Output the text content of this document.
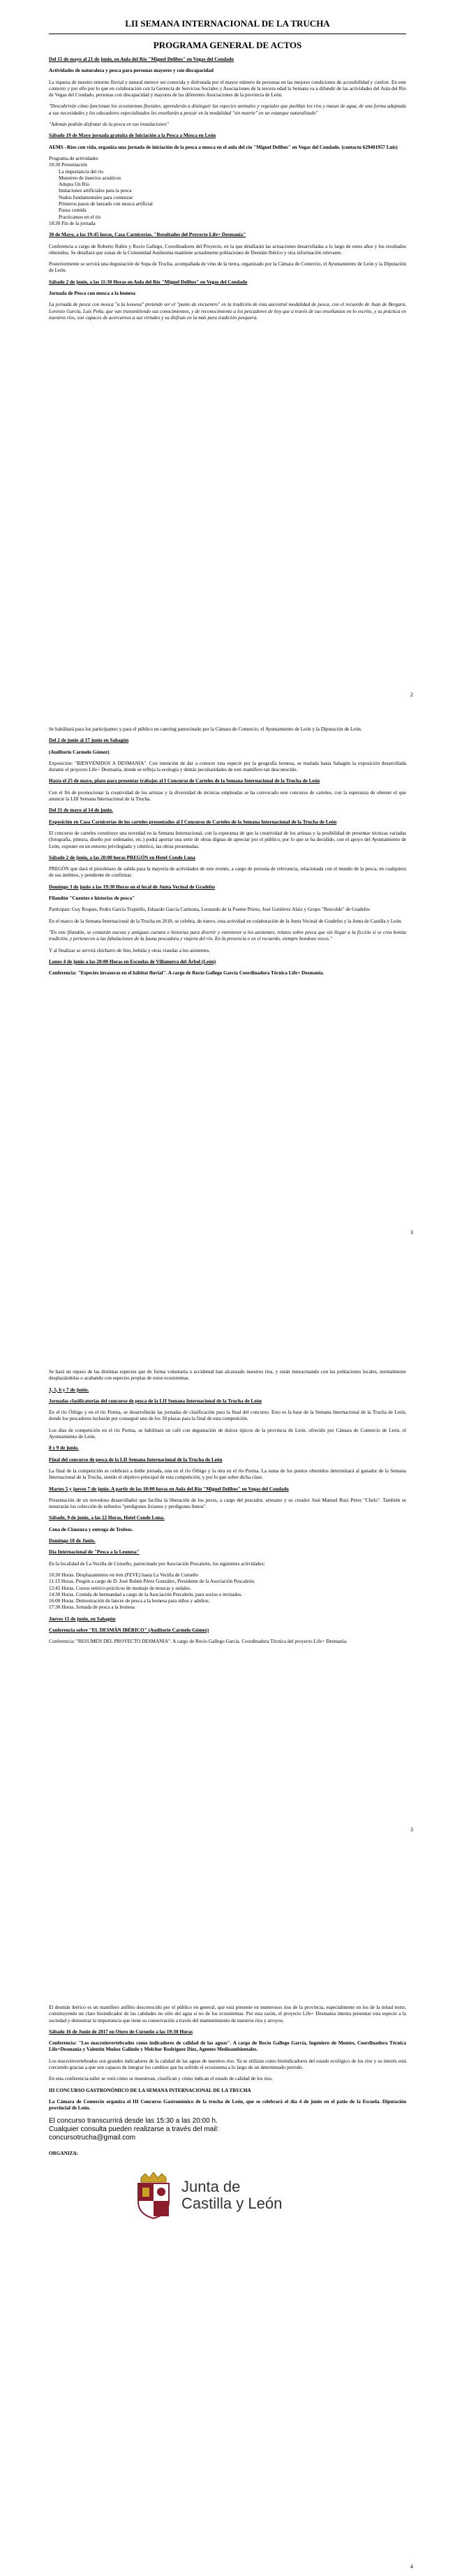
LII SEMANA INTERNACIONAL DE LA TRUCHA
PROGRAMA GENERAL DE ACTOS

Del 15 de mayo al 21 de junio, en Aula del Río "Miguel Delibes" en Vegas del Condado

Actividades de naturaleza y pesca para personas mayores y con discapacidad

La riqueza de nuestro entorno fluvial y natural merece ser conocida y disfrutada por el mayor número de personas en las mejores condiciones de accesibilidad y confort. En este contexto y por ello por lo que en colaboración con la Gerencia de Servicios Sociales y Asociaciones de la tercera edad la Semana va a difundir de las actividades del Aula del Río de Vegas del Condado, personas con discapacidad y mayores de las diferentes Asociaciones de la provincia de León.

"Descubrirán cómo funcionan los ecosistemas fluviales, aprenderán a distinguir las especies animales y vegetales que pueblan los ríos y masas de agua, de una forma adaptada a sus necesidades y los educadores especializados les enseñarán a pescar en la modalidad "sin muerte" en un estanque naturalizado"

"Además podrán disfrutar de la pesca en sus instalaciones"

Sábado 19 de Mayo jornada gratuita de Iniciación a la Pesca a Mosca en León

AEMS –Ríos con vida, organiza una jornada de iniciación de la pesca a mosca en el aula del río "Miguel Delibes" en Vegas del Condado. (contacto 629401957 Luis)

Programa de actividades

10:30 Presentación
La importancia del río
Muestreo de insectos acuáticos
Adopta Un Río
Imitaciones artificiales para la pesca
Nudos fundamentales para comenzar
Primeros pasos de lanzado con mosca artificial
Pausa comida
Practicamos en el río
18:30 Fin de la jornada

30 de Mayo, a las 19:45 horas, Casa Carnicerías. "Resultados del Proyecto Life+ Desmanía"

Conferencia a cargo de Roberto Rubio y Rocío Gallego, Coordinadores del Proyecto, en la que detallarán las actuaciones desarrolladas a lo largo de estos años y los resultados obtenidos. Se detallará que zonas de la Comunidad Autónoma mantiene actualmente poblaciones de Desmán Ibérico y otra información relevante.

Posteriormente se servirá una degustación de Sopa de Trucha, acompañada de vino de la tierra, organizado por la Cámara de Comercio, el Ayuntamiento de León y la Diputación de León.

Sábado 2 de junio, a las 11:30 Horas en Aula del Río "Miguel Delibes" en Vegas del Condado

Jornada de Pesca con mosca a la leonesa

La jornada de pesca con mosca "a la leonesa" pretende ser el "punto de encuentro" en la tradición de ésta ancestral modalidad de pesca, con el recuerdo de Juan de Bergara, Lorenzo García, Luis Peña, que van transmitiendo sus conocimientos, y de reconocimiento a los pescadores de hoy que a través de sus enseñanzas en lo escrito, y su práctica en nuestros ríos, son capaces de acercarnos a sus virtudes y su disfrute en la más pura tradición pesquera.

2

Se habilitará para los participantes y para el público un catering patrocinado por la Cámara de Comercio, el Ayuntamiento de León y la Diputación de León.

Del 2 de junio al 17 junio en Sahagún

(Auditorio Carmelo Gómez)

Exposición: "BIENVENIDOS A DESMANIA". Con intención de dar a conocer esta especie por la geografía leonesa, se traslada hasta Sahagún la exposición desarrollada durante el proyecto Life+ Desmanía, donde se refleja la ecología y demás peculiaridades de este mamífero tan desconocido.

Hasta el 25 de mayo, plazo para presentar trabajos al I Concurso de Carteles de la Semana Internacional de la Trucha de León

Con el fin de promocionar la creatividad de los artistas y la diversidad de técnicas empleadas se ha convocado este concurso de carteles, con la esperanza de obtener el que anuncie la LIII Semana Internacional de la Trucha.

Del 31 de mayo al 14 de junio.

Exposición en Casa Carnicerías de los carteles presentados al I Concurso de Carteles de la Semana Internacional de la Trucha de León

El concurso de carteles constituye una novedad en la Semana Internacional, con la esperanza de que la creatividad de los artistas y la posibilidad de presentar técnicas variadas (fotografía, pintura, diseño por ordenador, etc.) podrá aportar una serie de obras dignas de apreciar por el público, por lo que se ha decidido, con el apoyo del Ayuntamiento de León, exponer en un entorno privilegiado y céntrico, las obras presentadas.

Sábado 2 de junio, a las 20:00 horas PREGÓN en Hotel Conde Luna

PREGÓN que dará el pistoletazo de salida para la mayoría de actividades de este evento, a cargo de persona de relevancia, relacionada con el mundo de la pesca, en cualquiera de sus ámbitos, y pendiente de confirmar.

Domingo 3 de junio a las 19:30 Horas en el local de Junta Vecinal de Gradefes

Filandón "Cuentos e historias de pesca"

Participan: Guy Roques, Pedro García Trapiello, Eduardo García Carmona, Leonardo de la Fuente Prieto, José Gutiérrez Alaiz y Grupo "Rescoldo" de Gradefes

En el marco de la Semana Internacional de la Trucha en 2018, se celebra, de nuevo, esta actividad en colaboración de la Junta Vecinal de Gradefes y la Junta de Castilla y León.

"En este filandón, se contarán nuevas y antiguas cuentos e historias para divertir y entretener a los asistentes, relatos sobre pesca que sin llegar a la ficción sí se crea bonita tradición, y pertenecen a las fabulaciones de la fauna pescadora y viajera del río. En la presencia o en el recuerdo, siempre bondoso voces."

Y al finalizar se servirá chicharro de lino, bebida y otras viandas a los asistentes.

Lunes 4 de junio a las 20:00 Horas en Escuelas de Villanueva del Árbol (León)

Conferencia: "Especies invasoras en el hábitat fluvial". A cargo de Rocío Gallego García Coordinadora Técnica Life+ Desmanía.

3

Se hará un repaso de las distintas especies que de forma voluntaria o accidental han alcanzado nuestros ríos, y están interactuando con las poblaciones locales, normalmente desplazándolas o acabando con especies propias de estos ecosistemas.

3, 5, 6 y 7 de junio.

Jornadas clasificatorias del concurso de pesca de la LII Semana Internacional de la Trucha de León

En el río Órbigo y en el río Porma, se desarrollarán las jornadas de clasificación para la final del concurso. Esto es la base de la Semana Internacional de la Trucha de León, donde los pescadores lucharán por conseguir uno de los 30 plazas para la final de esta competición.

Los días de competición en el río Porma, se habilitará un café con degustación de dulces típicos de la provincia de León, ofrecido por Cámara de Comercio de León, el Ayuntamiento de León.

8 y 9 de junio.

Final del concurso de pesca de la LII Semana Internacional de la Trucha de León

La final de la competición se celebrará a doble jornada, una en el río Órbigo y la otra en el río Porma. La suma de los puntos obtenidos determinará al ganador de la Semana Internacional de la Trucha, siendo el objetivo principal de esta competición, y por lo que sobre dicha clase.

Martes 5 y jueves 7 de junio. A partir de las 18:00 horas en Aula del Río "Miguel Delibes" en Vegas del Condado

Presentación de un novedoso desarrollador que facilita la liberación de los peces, a cargo del pescador, artesano y su creador José Manuel Ruiz Pérez "Chelo". También se mostrarán los colección de señuelos "perdigones livianos y perdigones llenos".

Sábado, 9 de junio, a las 22 Horas, Hotel Conde Luna.

Cena de Clausura y entrega de Trofeos.

Domingo 10 de Junio.

Día Internacional de "Pesca a la Leonesa"

En la localidad de La Vecilla de Curueño, patrocinado por Asociación Pescaleón, los siguientes actividades:

10:30 Horas. Desplazamiento en tren (FEVE) hasta La Vecilla de Curueño
11:15 Horas. Pregón a cargo de D. José Rubén Pérez González, Presidente de la Asociación Pescaleón.
12:45 Horas. Cursos teórico-prácticos de montaje de moscas y sedales.
14:30 Horas. Comida de hermandad a cargo de la Asociación Pescaleón, para socios e invitados.
16:00 Horas. Demostración de lances de pesca a la leonesa para niños y adultos.
17:30 Horas. Jornada de pesca a la leonesa

Jueves 15 de junio, en Sahagún

Conferencia sobre "EL DESMÁN IBÉRICO" (Auditorio Carmelo Gómez)

Conferencia: "RESUMEN DEL PROYECTO DESMANIA". A cargo de Rocío Gallego García. Coordinadora Técnica del proyecto Life+ Desmanía.

3

El desmán ibérico es un mamífero anfibio desconocido por el público en general, que está presente en numerosos ríos de la provincia, especialmente en los de la mitad norte, constituyendo un claro bioindicador de las calidades no sólo del agua si no de los ecosistemas. Por esta razón, el proyecto Life+ Desmania intenta presentar esta especie a la sociedad y demostrar la importancia que tiene su conservación a través del mantenimiento de nuestros ríos y arroyos.

Sábado 16 de Junio de 2017 en Otero de Curueño a las 19:30 Horas

Conferencia: "Los macroinvertebrados como indicadores de calidad de las aguas". A cargo de Rocío Gallego García, Ingeniero de Montes, Coordinadora Técnica Life+Desmania y Valentín Muñoz Galindo y Melchor Rodríguez Díez, Agentes Medioambientales.

Los macroinvertebrados son grandes indicadores de la calidad de las aguas de nuestros ríos. Ya se utilizan como bioindicadores del estado ecológico de los ríos y su interés está creciendo gracias a que son capaces de integrar los cambios que ha sufrido el ecosistema a lo largo de un determinado periodo.

En esta conferencia-taller se verá cómo se muestrean, clasifican y cómo indican el estado de calidad de los ríos.

III CONCURSO GASTRONÓMICO DE LA SEMANA INTERNACIONAL DE LA TRUCHA

La Cámara de Comercio organiza el III Concurso Gastronómico de la trucha de León, que se celebrará el día 4 de junio en el patio de la Escuela. Diputación provincial de León.

El concurso transcurrirá desde las 15:30 a las 20:00 h.

Cualquier consulta pueden realizarse a través del mail:

concursotrucha@gmail.com

ORGANIZA:

Junta de
Castilla y León
4
